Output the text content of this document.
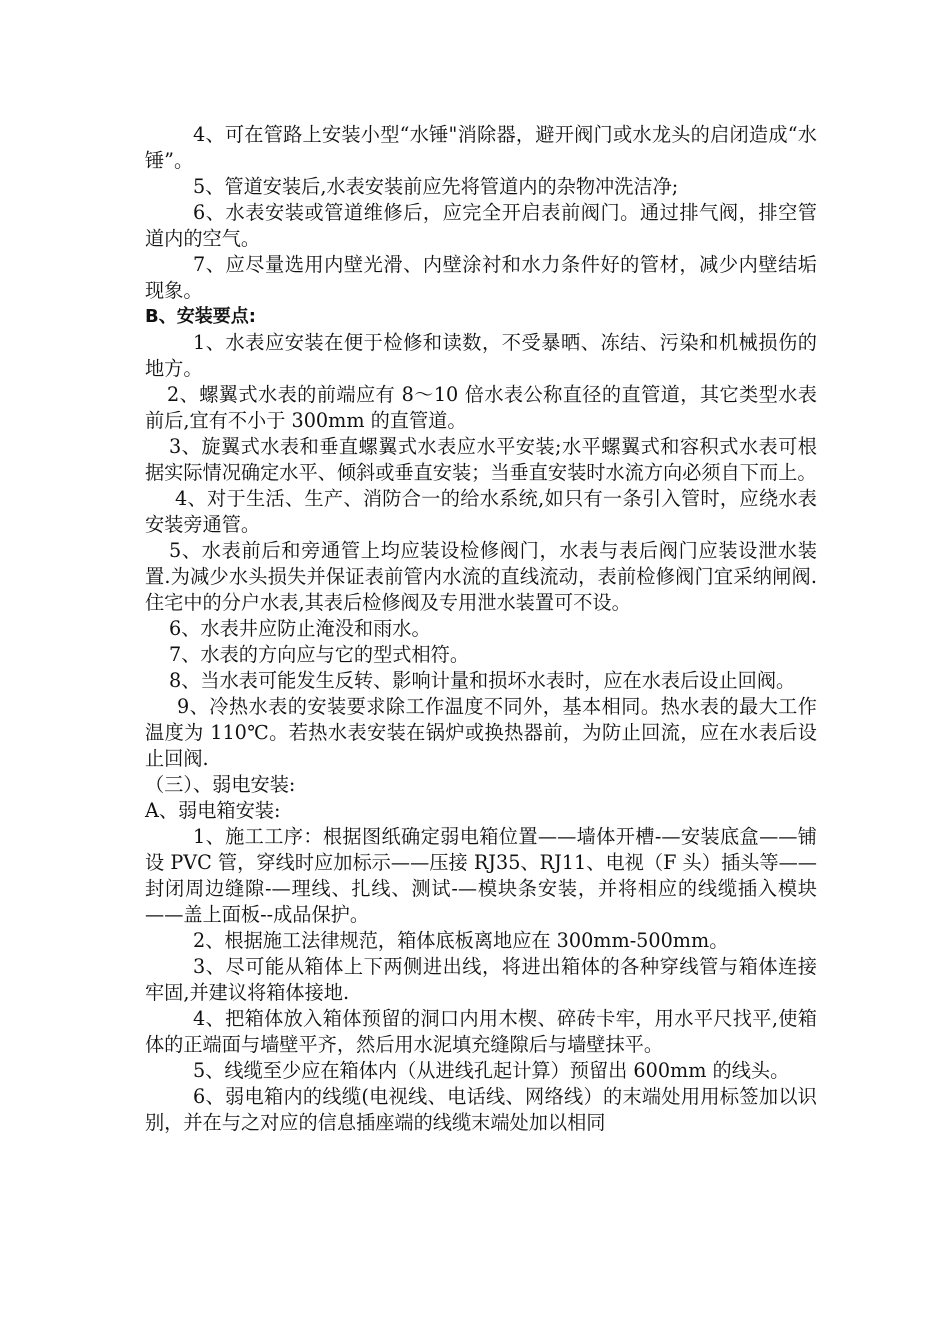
4、可在管路上安装小型“水锤"消除器，避开阀门或水龙头的启闭造成“水锤”。

5、管道安装后,水表安装前应先将管道内的杂物冲洗洁净;

6、水表安装或管道维修后，应完全开启表前阀门。通过排气阀，排空管道内的空气。

7、应尽量选用内壁光滑、内壁涂衬和水力条件好的管材，减少内壁结垢现象。

B、安装要点:

1、水表应安装在便于检修和读数，不受暴晒、冻结、污染和机械损伤的地方。

2、螺翼式水表的前端应有 8～10 倍水表公称直径的直管道，其它类型水表前后,宜有不小于 300mm 的直管道。

3、旋翼式水表和垂直螺翼式水表应水平安装;水平螺翼式和容积式水表可根据实际情况确定水平、倾斜或垂直安装；当垂直安装时水流方向必须自下而上。

4、对于生活、生产、消防合一的给水系统,如只有一条引入管时，应绕水表安装旁通管。

5、水表前后和旁通管上均应装设检修阀门，水表与表后阀门应装设泄水装置.为减少水头损失并保证表前管内水流的直线流动，表前检修阀门宜采纳闸阀.住宅中的分户水表,其表后检修阀及专用泄水装置可不设。

6、水表井应防止淹没和雨水。

7、水表的方向应与它的型式相符。

8、当水表可能发生反转、影响计量和损坏水表时，应在水表后设止回阀。

9、冷热水表的安装要求除工作温度不同外，基本相同。热水表的最大工作温度为 110℃。若热水表安装在锅炉或换热器前，为防止回流，应在水表后设止回阀.

（三）、弱电安装:

A、弱电箱安装:

1、施工工序：根据图纸确定弱电箱位置——墙体开槽-—安装底盒——铺设 PVC 管，穿线时应加标示——压接 RJ35、RJ11、电视（F 头）插头等——封闭周边缝隙-—理线、扎线、测试-—模块条安装，并将相应的线缆插入模块——盖上面板--成品保护。

2、根据施工法律规范，箱体底板离地应在 300mm-500mm。

3、尽可能从箱体上下两侧进出线，将进出箱体的各种穿线管与箱体连接牢固,并建议将箱体接地.

4、把箱体放入箱体预留的洞口内用木楔、碎砖卡牢，用水平尺找平,使箱体的正端面与墙壁平齐，然后用水泥填充缝隙后与墙壁抹平。

5、线缆至少应在箱体内（从进线孔起计算）预留出 600mm 的线头。

6、弱电箱内的线缆(电视线、电话线、网络线）的末端处用用标签加以识别，并在与之对应的信息插座端的线缆末端处加以相同
